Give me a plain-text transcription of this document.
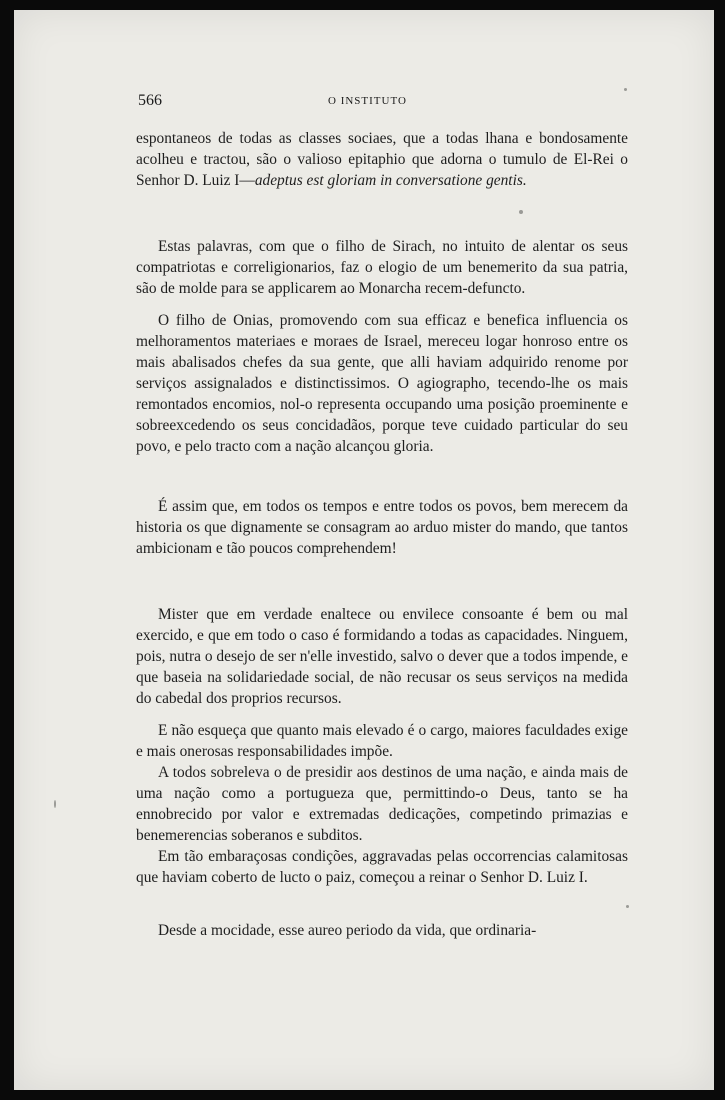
566	O INSTITUTO

espontaneos de todas as classes sociaes, que a todas lhana e bondosamente acolheu e tractou, são o valioso epitaphio que adorna o tumulo de El-Rei o Senhor D. Luiz I—adeptus est gloriam in conversatione gentis.

Estas palavras, com que o filho de Sirach, no intuito de alentar os seus compatriotas e correligionarios, faz o elogio de um benemerito da sua patria, são de molde para se applicarem ao Monarcha recem-defuncto.

O filho de Onias, promovendo com sua efficaz e benefica influencia os melhoramentos materiaes e moraes de Israel, mereceu logar honroso entre os mais abalisados chefes da sua gente, que alli haviam adquirido renome por serviços assignalados e distinctissimos. O agiographo, tecendo-lhe os mais remontados encomios, nol-o representa occupando uma posição proeminente e sobreexcedendo os seus concidadãos, porque teve cuidado particular do seu povo, e pelo tracto com a nação alcançou gloria.

É assim que, em todos os tempos e entre todos os povos, bem merecem da historia os que dignamente se consagram ao arduo mister do mando, que tantos ambicionam e tão poucos comprehendem!

Mister que em verdade enaltece ou envilece consoante é bem ou mal exercido, e que em todo o caso é formidando a todas as capacidades. Ninguem, pois, nutra o desejo de ser n'elle investido, salvo o dever que a todos impende, e que baseia na solidariedade social, de não recusar os seus serviços na medida do cabedal dos proprios recursos.

E não esqueça que quanto mais elevado é o cargo, maiores faculdades exige e mais onerosas responsabilidades impõe.

A todos sobreleva o de presidir aos destinos de uma nação, e ainda mais de uma nação como a portugueza que, permittindo-o Deus, tanto se ha ennobrecido por valor e extremadas dedicações, competindo primazias e benemerencias soberanos e subditos.

Em tão embaraçosas condições, aggravadas pelas occorrencias calamitosas que haviam coberto de lucto o paiz, começou a reinar o Senhor D. Luiz I.

Desde a mocidade, esse aureo periodo da vida, que ordinaria-
